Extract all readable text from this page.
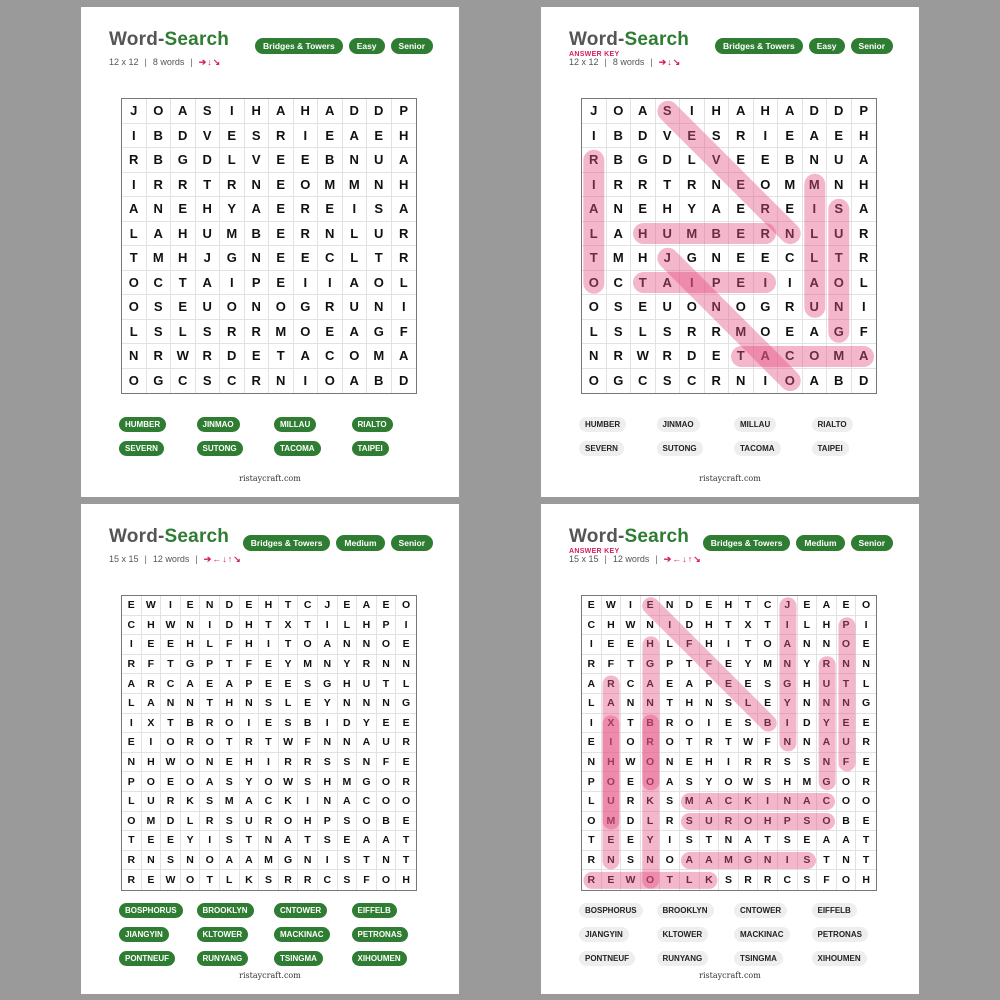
Word-Search
12 x 12 | 8 words | ➔↓↘
Bridges & Towers	Easy	Senior
J	O	A	S	I	H	A	H	A	D	D	P
I	B	D	V	E	S	R	I	E	A	E	H
R	B	G	D	L	V	E	E	B	N	U	A
I	R	R	T	R	N	E	O	M	M	N	H
A	N	E	H	Y	A	E	R	E	I	S	A
L	A	H	U	M	B	E	R	N	L	U	R
T	M	H	J	G	N	E	E	C	L	T	R
O	C	T	A	I	P	E	I	I	A	O	L
O	S	E	U	O	N	O	G	R	U	N	I
L	S	L	S	R	R	M	O	E	A	G	F
N	R	W	R	D	E	T	A	C	O	M	A
O	G	C	S	C	R	N	I	O	A	B	D
HUMBER	JINMAO	MILLAU	RIALTO
SEVERN	SUTONG	TACOMA	TAIPEI
ristaycraft.com
Word-Search
ANSWER KEY
12 x 12 | 8 words | ➔↓↘
Bridges & Towers	Easy	Senior
J	O	A	S	I	H	A	H	A	D	D	P
I	B	D	V	E	S	R	I	E	A	E	H
R	B	G	D	L	V	E	E	B	N	U	A
I	R	R	T	R	N	E	O	M	M	N	H
A	N	E	H	Y	A	E	R	E	I	S	A
L	A	H	U	M	B	E	R	N	L	U	R
T	M	H	J	G	N	E	E	C	L	T	R
O	C	T	A	I	P	E	I	I	A	O	L
O	S	E	U	O	N	O	G	R	U	N	I
L	S	L	S	R	R	M	O	E	A	G	F
N	R	W	R	D	E	T	A	C	O	M	A
O	G	C	S	C	R	N	I	O	A	B	D
HUMBER	JINMAO	MILLAU	RIALTO
SEVERN	SUTONG	TACOMA	TAIPEI
ristaycraft.com
Word-Search
15 x 15 | 12 words | ➔←↓↑↘
Bridges & Towers	Medium	Senior
E	W	I	E	N	D	E	H	T	C	J	E	A	E	O
C	H	W	N	I	D	H	T	X	T	I	L	H	P	I
I	E	E	H	L	F	H	I	T	O	A	N	N	O	E
R	F	T	G	P	T	F	E	Y	M	N	Y	R	N	N
A	R	C	A	E	A	P	E	E	S	G	H	U	T	L
L	A	N	N	T	H	N	S	L	E	Y	N	N	N	G
I	X	T	B	R	O	I	E	S	B	I	D	Y	E	E
E	I	O	R	O	T	R	T	W	F	N	N	A	U	R
N	H	W	O	N	E	H	I	R	R	S	S	N	F	E
P	O	E	O	A	S	Y	O	W	S	H	M	G	O	R
L	U	R	K	S	M	A	C	K	I	N	A	C	O	O
O	M	D	L	R	S	U	R	O	H	P	S	O	B	E
T	E	E	Y	I	S	T	N	A	T	S	E	A	A	T
R	N	S	N	O	A	A	M	G	N	I	S	T	N	T
R	E	W	O	T	L	K	S	R	R	C	S	F	O	H
BOSPHORUS	BROOKLYN	CNTOWER	EIFFELB
JIANGYIN	KLTOWER	MACKINAC	PETRONAS
PONTNEUF	RUNYANG	TSINGMA	XIHOUMEN
ristaycraft.com
Word-Search
ANSWER KEY
15 x 15 | 12 words | ➔←↓↑↘
Bridges & Towers	Medium	Senior
E	W	I	E	N	D	E	H	T	C	J	E	A	E	O
C	H	W	N	I	D	H	T	X	T	I	L	H	P	I
I	E	E	H	L	F	H	I	T	O	A	N	N	O	E
R	F	T	G	P	T	F	E	Y	M	N	Y	R	N	N
A	R	C	A	E	A	P	E	E	S	G	H	U	T	L
L	A	N	N	T	H	N	S	L	E	Y	N	N	N	G
I	X	T	B	R	O	I	E	S	B	I	D	Y	E	E
E	I	O	R	O	T	R	T	W	F	N	N	A	U	R
N	H	W	O	N	E	H	I	R	R	S	S	N	F	E
P	O	E	O	A	S	Y	O	W	S	H	M	G	O	R
L	U	R	K	S	M	A	C	K	I	N	A	C	O	O
O	M	D	L	R	S	U	R	O	H	P	S	O	B	E
T	E	E	Y	I	S	T	N	A	T	S	E	A	A	T
R	N	S	N	O	A	A	M	G	N	I	S	T	N	T
R	E	W	O	T	L	K	S	R	R	C	S	F	O	H
BOSPHORUS	BROOKLYN	CNTOWER	EIFFELB
JIANGYIN	KLTOWER	MACKINAC	PETRONAS
PONTNEUF	RUNYANG	TSINGMA	XIHOUMEN
ristaycraft.com
